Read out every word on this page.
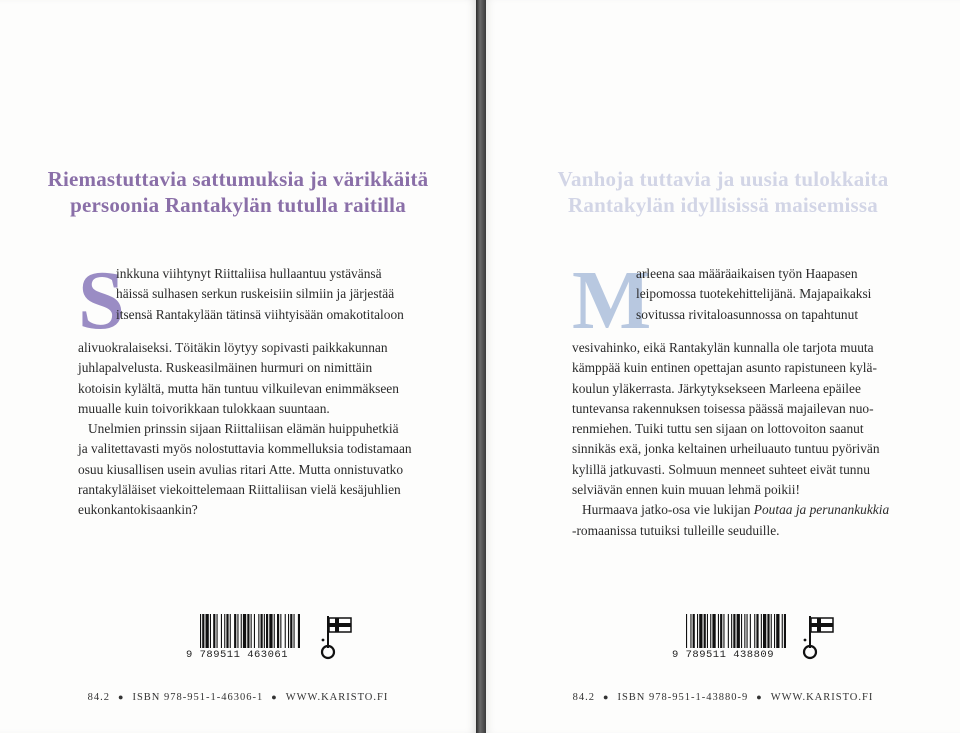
Riemastuttavia sattumuksia ja värikkäitä
persoonia Rantakylän tutulla raitilla
S
inkkuna viihtynyt Riittaliisa hullaantuu ystävänsä
häissä sulhasen serkun ruskeisiin silmiin ja järjestää
itsensä Rantakylään tätinsä viihtyisään omakotitaloon
alivuokralaiseksi. Töitäkin löytyy sopivasti paikkakunnan
juhlapalvelusta. Ruskeasilmäinen hurmuri on nimittäin
kotoisin kylältä, mutta hän tuntuu vilkuilevan enimmäkseen
muualle kuin toivorikkaan tulokkaan suuntaan.
Unelmien prinssin sijaan Riittaliisan elämän huippuhetkiä
ja valitettavasti myös nolostuttavia kommelluksia todistamaan
osuu kiusallisen usein avulias ritari Atte. Mutta onnistuvatko
rantakyläläiset viekoittelemaan Riittaliisan vielä kesäjuhlien
eukonkantokisaankin?
9 789511 463061
84.2 ● ISBN 978-951-1-46306-1 ● WWW.KARISTO.FI
Vanhoja tuttavia ja uusia tulokkaita
Rantakylän idyllisissä maisemissa
M
arleena saa määräaikaisen työn Haapasen
leipomossa tuotekehittelijänä. Majapaikaksi
sovitussa rivitaloasunnossa on tapahtunut
vesivahinko, eikä Rantakylän kunnalla ole tarjota muuta
kämppää kuin entinen opettajan asunto rapistuneen kylä-
koulun yläkerrasta. Järkytyksekseen Marleena epäilee
tuntevansa rakennuksen toisessa päässä majailevan nuo-
renmiehen. Tuiki tuttu sen sijaan on lottovoiton saanut
sinnikäs exä, jonka keltainen urheiluauto tuntuu pyörivän
kylillä jatkuvasti. Solmuun menneet suhteet eivät tunnu
selviävän ennen kuin muuan lehmä poikii!
Hurmaava jatko-osa vie lukijan Poutaa ja perunankukkia
-romaanissa tutuiksi tulleille seuduille.
9 789511 438809
84.2 ● ISBN 978-951-1-43880-9 ● WWW.KARISTO.FI
